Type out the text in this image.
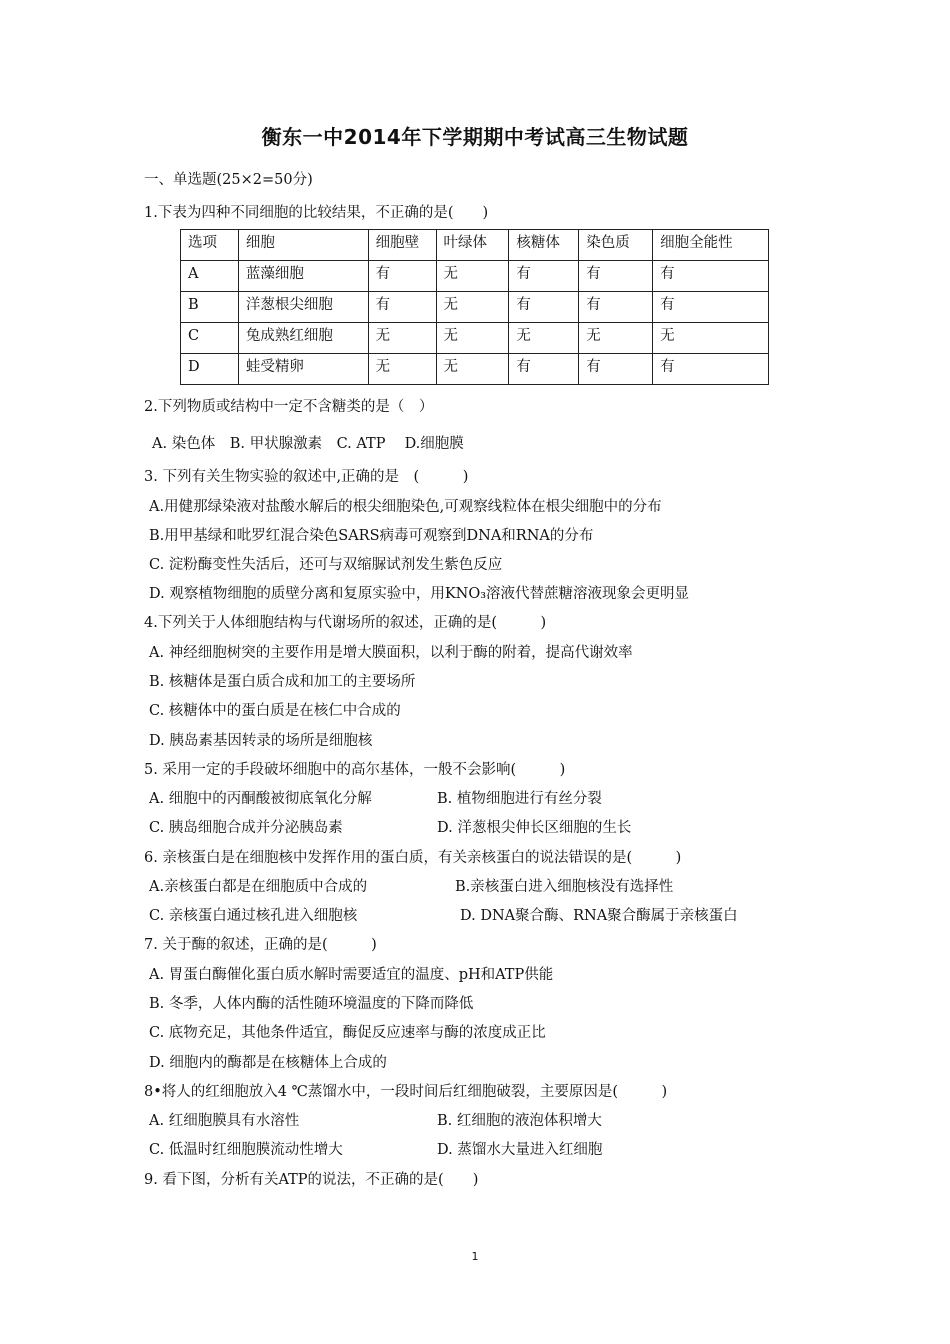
衡东一中2014年下学期期中考试高三生物试题
一、单选题(25×2=50分)
1.下表为四种不同细胞的比较结果，不正确的是(　　)
选项	细胞	细胞壁	叶绿体	核糖体	染色质	细胞全能性
A	蓝藻细胞	有	无	有	有	有
B	洋葱根尖细胞	有	无	有	有	有
C	兔成熟红细胞	无	无	无	无	无
D	蛙受精卵	无	无	有	有	有
2.下列物质或结构中一定不含糖类的是（　）
A. 染色体　B. 甲状腺激素　C. ATP　 D.细胞膜
3. 下列有关生物实验的叙述中,正确的是　(　　　)
A.用健那绿染液对盐酸水解后的根尖细胞染色,可观察线粒体在根尖细胞中的分布
B.用甲基绿和吡罗红混合染色SARS病毒可观察到DNA和RNA的分布
C. 淀粉酶变性失活后，还可与双缩脲试剂发生紫色反应
D. 观察植物细胞的质壁分离和复原实验中，用KNO₃溶液代替蔗糖溶液现象会更明显
4.下列关于人体细胞结构与代谢场所的叙述，正确的是(　　　)
A. 神经细胞树突的主要作用是增大膜面积，以利于酶的附着，提高代谢效率
B. 核糖体是蛋白质合成和加工的主要场所
C. 核糖体中的蛋白质是在核仁中合成的
D. 胰岛素基因转录的场所是细胞核
5. 采用一定的手段破坏细胞中的高尔基体，一般不会影响(　　　)
A. 细胞中的丙酮酸被彻底氧化分解	B. 植物细胞进行有丝分裂
C. 胰岛细胞合成并分泌胰岛素	D. 洋葱根尖伸长区细胞的生长
6. 亲核蛋白是在细胞核中发挥作用的蛋白质，有关亲核蛋白的说法错误的是(　　　)
A.亲核蛋白都是在细胞质中合成的	B.亲核蛋白进入细胞核没有选择性
C. 亲核蛋白通过核孔进入细胞核	D. DNA聚合酶、RNA聚合酶属于亲核蛋白
7. 关于酶的叙述，正确的是(　　　)
A. 胃蛋白酶催化蛋白质水解时需要适宜的温度、pH和ATP供能
B. 冬季，人体内酶的活性随环境温度的下降而降低
C. 底物充足，其他条件适宜，酶促反应速率与酶的浓度成正比
D. 细胞内的酶都是在核糖体上合成的
8•将人的红细胞放入4 ℃蒸馏水中，一段时间后红细胞破裂，主要原因是(　　　)
A. 红细胞膜具有水溶性	B. 红细胞的液泡体积增大
C. 低温时红细胞膜流动性增大	D. 蒸馏水大量进入红细胞
9. 看下图，分析有关ATP的说法，不正确的是(　　)
1
